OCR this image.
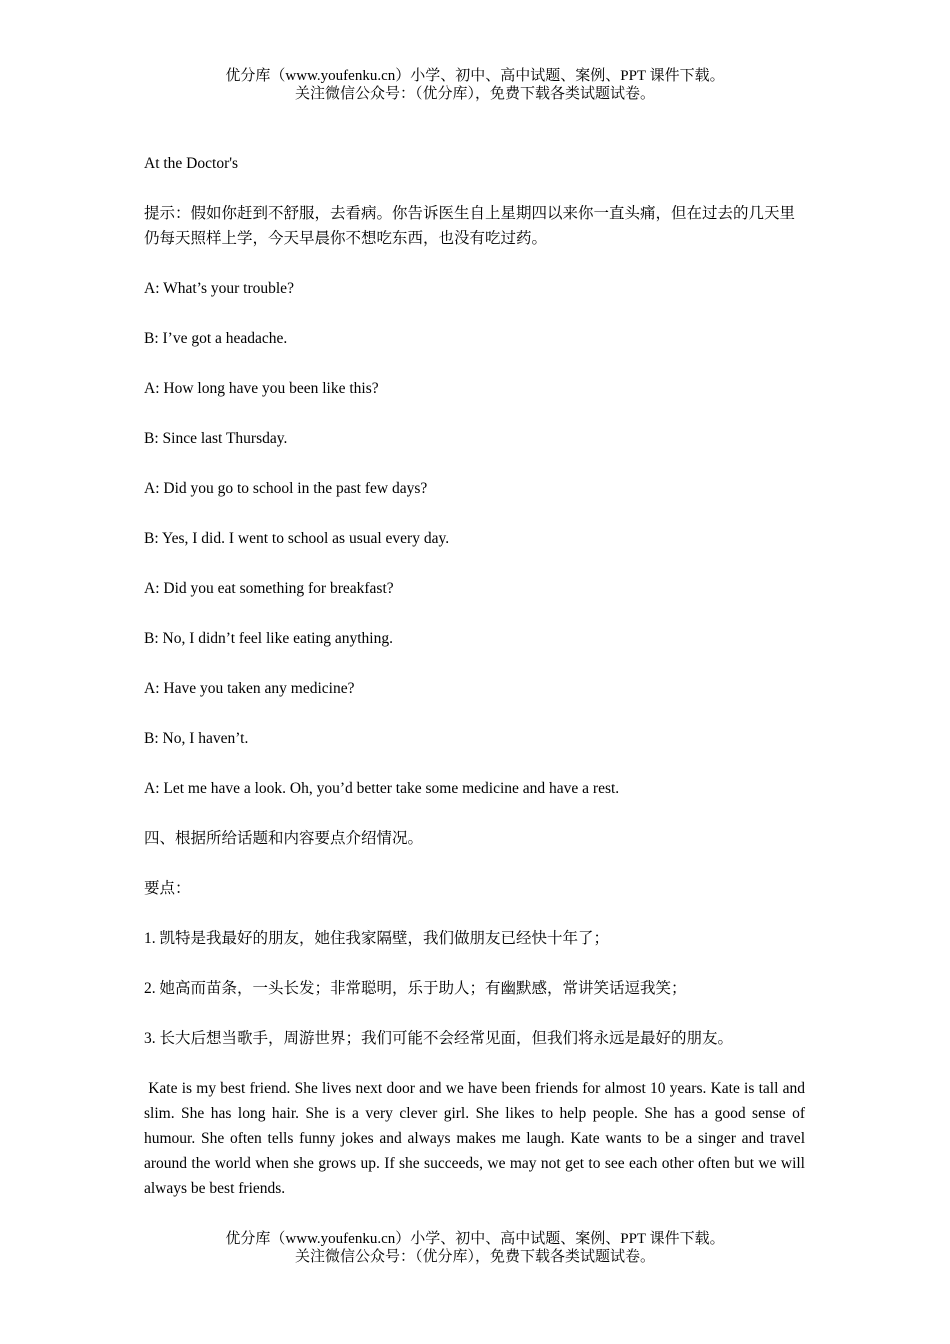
优分库（www.youfenku.cn）小学、初中、高中试题、案例、PPT 课件下载。
关注微信公众号：（优分库），免费下载各类试题试卷。

At the Doctor's

提示：假如你赶到不舒服，去看病。你告诉医生自上星期四以来你一直头痛，但在过去的几天里仍每天照样上学，今天早晨你不想吃东西，也没有吃过药。

A: What’s your trouble?

B: I’ve got a headache.

A: How long have you been like this?

B: Since last Thursday.

A: Did you go to school in the past few days?

B: Yes, I did. I went to school as usual every day.

A: Did you eat something for breakfast?

B: No, I didn’t feel like eating anything.

A: Have you taken any medicine?

B: No, I haven’t.

A: Let me have a look. Oh, you’d better take some medicine and have a rest.

四、根据所给话题和内容要点介绍情况。

要点：

1. 凯特是我最好的朋友，她住我家隔壁，我们做朋友已经快十年了；

2. 她高而苗条，一头长发；非常聪明，乐于助人；有幽默感，常讲笑话逗我笑；

3. 长大后想当歌手，周游世界；我们可能不会经常见面，但我们将永远是最好的朋友。

Kate is my best friend. She lives next door and we have been friends for almost 10 years. Kate is tall and slim. She has long hair. She is a very clever girl. She likes to help people. She has a good sense of humour. She often tells funny jokes and always makes me laugh. Kate wants to be a singer and travel around the world when she grows up. If she succeeds, we may not get to see each other often but we will always be best friends.

优分库（www.youfenku.cn）小学、初中、高中试题、案例、PPT 课件下载。
关注微信公众号：（优分库），免费下载各类试题试卷。
